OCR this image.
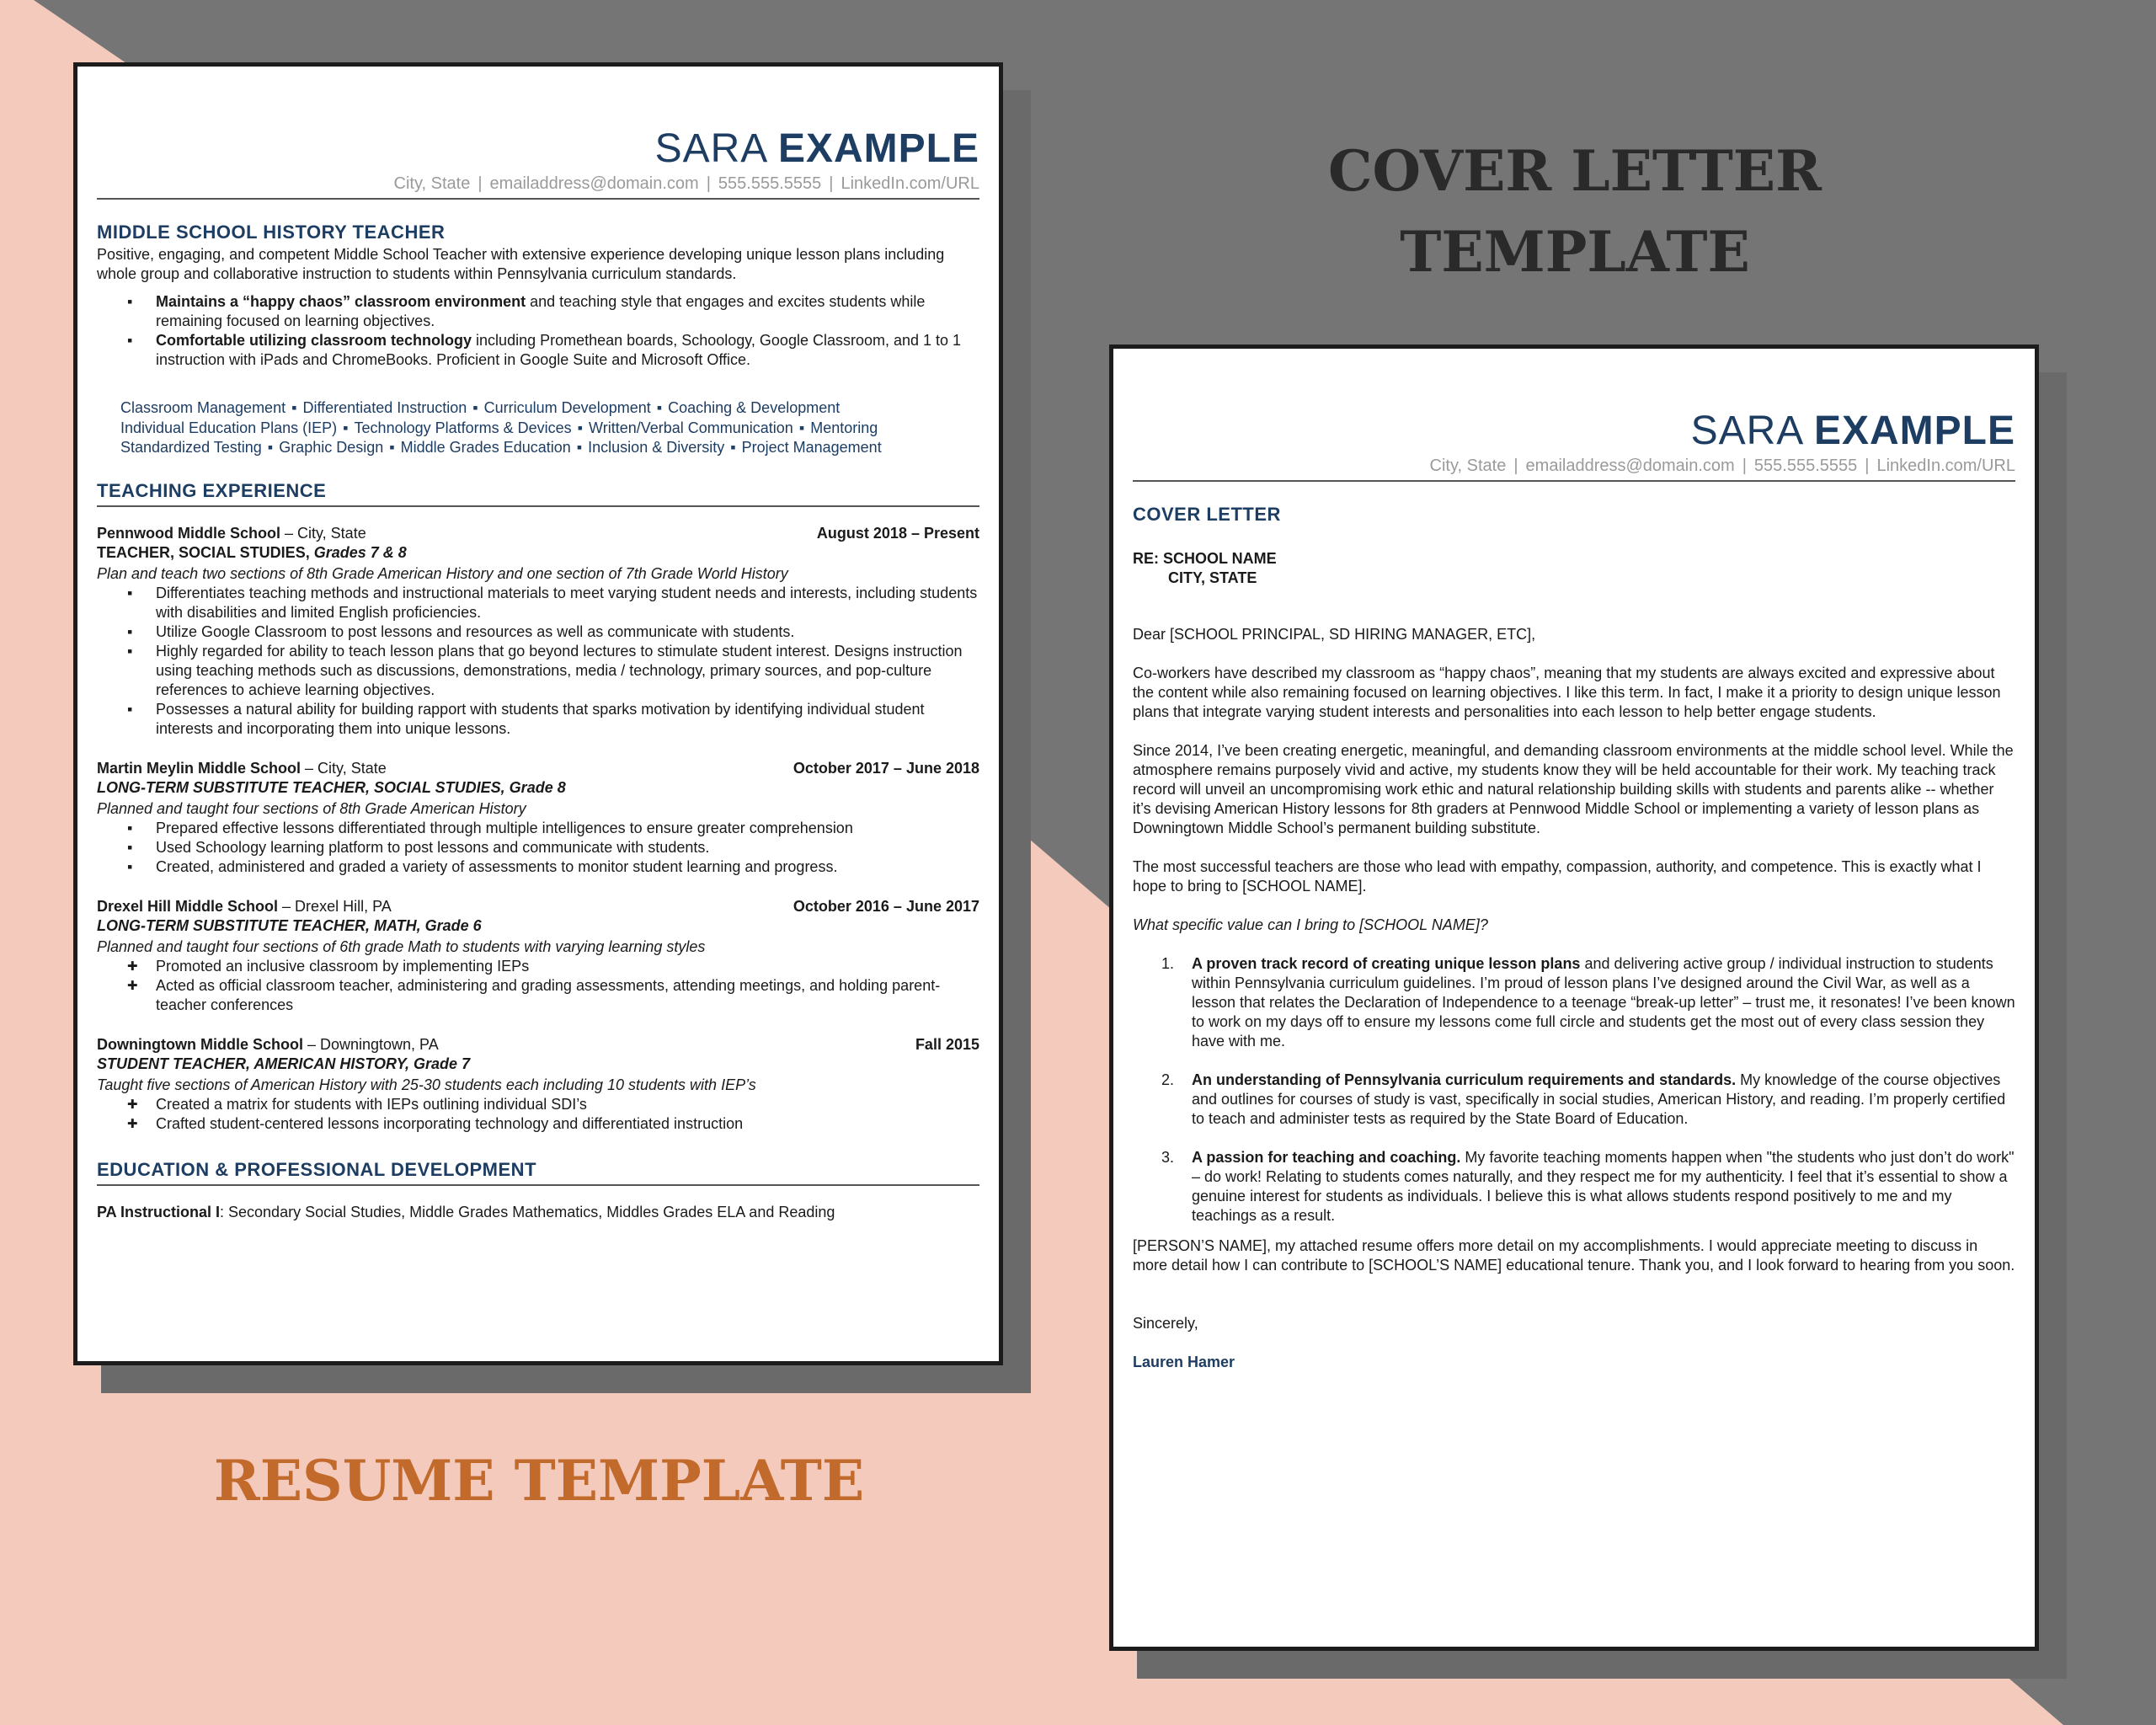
COVER LETTER
TEMPLATE
RESUME TEMPLATE
SARA EXAMPLE
City, State | emailaddress@domain.com | 555.555.5555 | LinkedIn.com/URL
MIDDLE SCHOOL HISTORY TEACHER
Positive, engaging, and competent Middle School Teacher with extensive experience developing unique lesson plans including whole group and collaborative instruction to students within Pennsylvania curriculum standards.
▪ Maintains a “happy chaos” classroom environment and teaching style that engages and excites students while remaining focused on learning objectives.
▪ Comfortable utilizing classroom technology including Promethean boards, Schoology, Google Classroom, and 1 to 1 instruction with iPads and ChromeBooks. Proficient in Google Suite and Microsoft Office.
Classroom Management ▪ Differentiated Instruction ▪ Curriculum Development ▪ Coaching & Development
Individual Education Plans (IEP) ▪ Technology Platforms & Devices ▪ Written/Verbal Communication ▪ Mentoring
Standardized Testing ▪ Graphic Design ▪ Middle Grades Education ▪ Inclusion & Diversity ▪ Project Management
TEACHING EXPERIENCE
Pennwood Middle School – City, State	August 2018 – Present
TEACHER, SOCIAL STUDIES, Grades 7 & 8
Plan and teach two sections of 8th Grade American History and one section of 7th Grade World History
▪ Differentiates teaching methods and instructional materials to meet varying student needs and interests, including students with disabilities and limited English proficiencies.
▪ Utilize Google Classroom to post lessons and resources as well as communicate with students.
▪ Highly regarded for ability to teach lesson plans that go beyond lectures to stimulate student interest. Designs instruction using teaching methods such as discussions, demonstrations, media / technology, primary sources, and pop-culture references to achieve learning objectives.
▪ Possesses a natural ability for building rapport with students that sparks motivation by identifying individual student interests and incorporating them into unique lessons.
Martin Meylin Middle School – City, State	October 2017 – June 2018
LONG-TERM SUBSTITUTE TEACHER, SOCIAL STUDIES, Grade 8
Planned and taught four sections of 8th Grade American History
▪ Prepared effective lessons differentiated through multiple intelligences to ensure greater comprehension
▪ Used Schoology learning platform to post lessons and communicate with students.
▪ Created, administered and graded a variety of assessments to monitor student learning and progress.
Drexel Hill Middle School – Drexel Hill, PA	October 2016 – June 2017
LONG-TERM SUBSTITUTE TEACHER, MATH, Grade 6
Planned and taught four sections of 6th grade Math to students with varying learning styles
✚ Promoted an inclusive classroom by implementing IEPs
✚ Acted as official classroom teacher, administering and grading assessments, attending meetings, and holding parent-teacher conferences
Downingtown Middle School – Downingtown, PA	Fall 2015
STUDENT TEACHER, AMERICAN HISTORY, Grade 7
Taught five sections of American History with 25-30 students each including 10 students with IEP’s
✚ Created a matrix for students with IEPs outlining individual SDI’s
✚ Crafted student-centered lessons incorporating technology and differentiated instruction
EDUCATION & PROFESSIONAL DEVELOPMENT
PA Instructional I: Secondary Social Studies, Middle Grades Mathematics, Middles Grades ELA and Reading
SARA EXAMPLE
City, State | emailaddress@domain.com | 555.555.5555 | LinkedIn.com/URL
COVER LETTER
RE: SCHOOL NAME
CITY, STATE
Dear [SCHOOL PRINCIPAL, SD HIRING MANAGER, ETC],
Co-workers have described my classroom as “happy chaos”, meaning that my students are always excited and expressive about the content while also remaining focused on learning objectives. I like this term. In fact, I make it a priority to design unique lesson plans that integrate varying student interests and personalities into each lesson to help better engage students.
Since 2014, I’ve been creating energetic, meaningful, and demanding classroom environments at the middle school level. While the atmosphere remains purposely vivid and active, my students know they will be held accountable for their work. My teaching track record will unveil an uncompromising work ethic and natural relationship building skills with students and parents alike -- whether it’s devising American History lessons for 8th graders at Pennwood Middle School or implementing a variety of lesson plans as Downingtown Middle School’s permanent building substitute.
The most successful teachers are those who lead with empathy, compassion, authority, and competence. This is exactly what I hope to bring to [SCHOOL NAME].
What specific value can I bring to [SCHOOL NAME]?
1. A proven track record of creating unique lesson plans and delivering active group / individual instruction to students within Pennsylvania curriculum guidelines. I’m proud of lesson plans I’ve designed around the Civil War, as well as a lesson that relates the Declaration of Independence to a teenage “break-up letter” – trust me, it resonates! I’ve been known to work on my days off to ensure my lessons come full circle and students get the most out of every class session they have with me.
2. An understanding of Pennsylvania curriculum requirements and standards. My knowledge of the course objectives and outlines for courses of study is vast, specifically in social studies, American History, and reading. I’m properly certified to teach and administer tests as required by the State Board of Education.
3. A passion for teaching and coaching. My favorite teaching moments happen when "the students who just don’t do work" – do work! Relating to students comes naturally, and they respect me for my authenticity. I feel that it’s essential to show a genuine interest for students as individuals. I believe this is what allows students respond positively to me and my teachings as a result.
[PERSON’S NAME], my attached resume offers more detail on my accomplishments. I would appreciate meeting to discuss in more detail how I can contribute to [SCHOOL’S NAME] educational tenure. Thank you, and I look forward to hearing from you soon.
Sincerely,
Lauren Hamer
